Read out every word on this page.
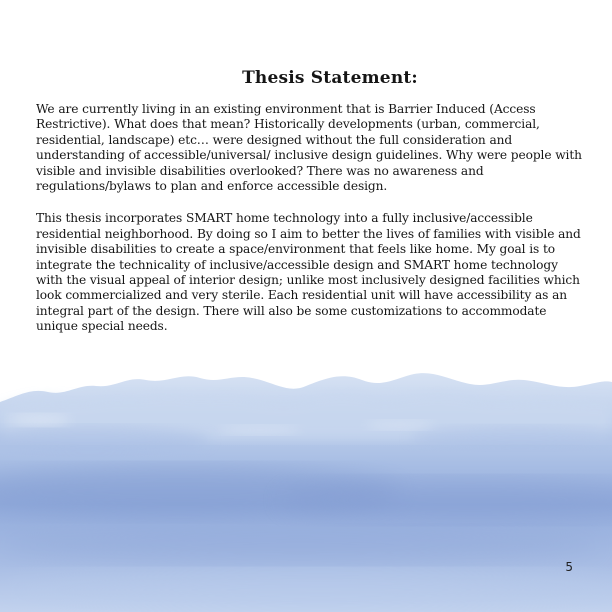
Thesis Statement:

We are currently living in an existing environment that is Barrier Induced (Access Restrictive). What does that mean? Historically developments (urban, commercial, residential, landscape) etc… were designed without the full consideration and understanding of accessible/universal/ inclusive design guidelines. Why were people with visible and invisible disabilities overlooked? There was no awareness and regulations/bylaws to plan and enforce accessible design.

This thesis incorporates SMART home technology into a fully inclusive/accessible residential neighborhood. By doing so I aim to better the lives of families with visible and invisible disabilities to create a space/environment that feels like home. My goal is to integrate the technicality of inclusive/accessible design and SMART home technology with the visual appeal of interior design; unlike most inclusively designed facilities which look commercialized and very sterile. Each residential unit will have accessibility as an integral part of the design. There will also be some customizations to accommodate unique special needs.

5
